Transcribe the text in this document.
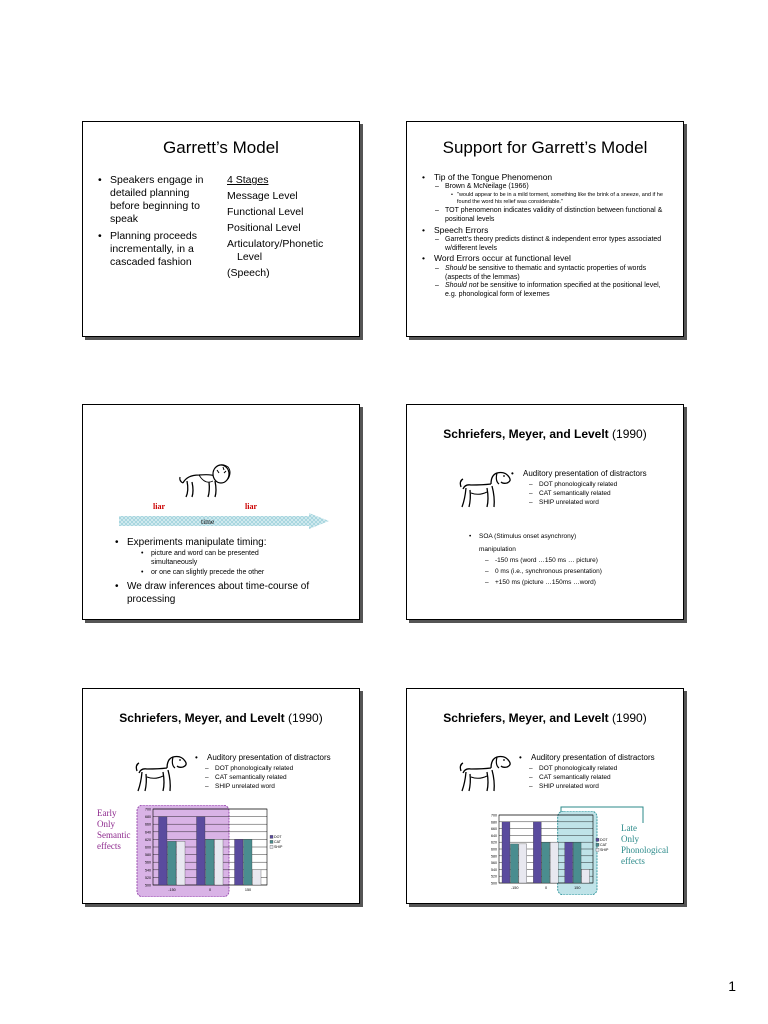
Garrett’s Model
• Speakers engage in detailed planning before beginning to speak
• Planning proceeds incrementally, in a cascaded fashion
4 Stages
Message Level
Functional Level
Positional Level
Articulatory/Phonetic
Level
(Speech)
Support for Garrett’s Model
•	Tip of the Tongue Phenomenon
– Brown & McNeilage (1966)
• "would appear to be in a mild torment, something like the brink of a sneeze, and if he found the word his relief was considerable."
– TOT phenomenon indicates validity of distinction between functional & positional levels
•	Speech Errors
– Garrett’s theory predicts distinct & independent error types associated w/different levels
•	Word Errors occur at functional level
– Should be sensitive to thematic and syntactic properties of words (aspects of the lemmas)
– Should not be sensitive to information specified at the positional level, e.g. phonological form of lexemes
liar	liar
time
• Experiments manipulate timing:
•	picture and word can be presented simultaneously
•	or one can slightly precede the other
• We draw inferences about time-course of processing
Schriefers, Meyer, and Levelt (1990)
•	Auditory presentation of distractors
– DOT phonologically related
– CAT semantically related
– SHIP unrelated word
•	SOA (Stimulus onset asynchrony)
manipulation
– -150 ms (word …150 ms … picture)
– 0 ms (i.e., synchronous presentation)
– +150 ms (picture …150ms …word)
Schriefers, Meyer, and Levelt (1990)
•	Auditory presentation of distractors
– DOT phonologically related
– CAT semantically related
– SHIP unrelated word
Early
Only
Semantic
effects
700
680
660
640
620
600
580
560
540
520
500
-150	0	150
DOT
CAT
SHIP
Schriefers, Meyer, and Levelt (1990)
•	Auditory presentation of distractors
– DOT phonologically related
– CAT semantically related
– SHIP unrelated word
Late
Only
Phonological
effects
700
680
660
640
620
600
580
560
540
520
500
-150	0	150
DOT
CAT
SHIP
1
